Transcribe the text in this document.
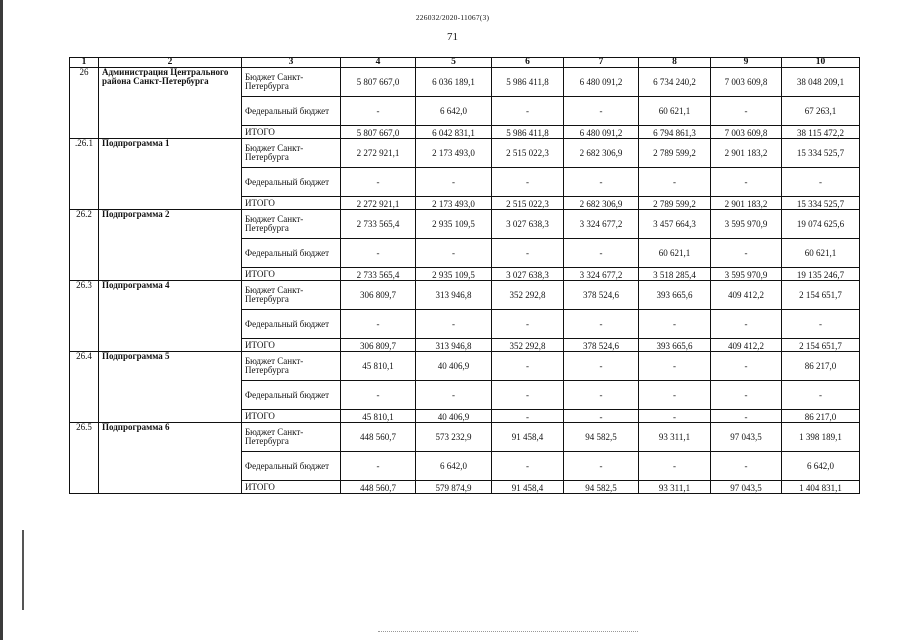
226032/2020-11067(3)
71
1	2	3	4	5	6	7	8	9	10
26	Администрация Центрального района Санкт-Петербурга	Бюджет Санкт-Петербурга	5 807 667,0	6 036 189,1	5 986 411,8	6 480 091,2	6 734 240,2	7 003 609,8	38 048 209,1
		Федеральный бюджет	-	6 642,0	-	-	60 621,1	-	67 263,1
		ИТОГО	5 807 667,0	6 042 831,1	5 986 411,8	6 480 091,2	6 794 861,3	7 003 609,8	38 115 472,2
.26.1	Подпрограмма 1	Бюджет Санкт-Петербурга	2 272 921,1	2 173 493,0	2 515 022,3	2 682 306,9	2 789 599,2	2 901 183,2	15 334 525,7
		Федеральный бюджет	-	-	-	-	-	-	-
		ИТОГО	2 272 921,1	2 173 493,0	2 515 022,3	2 682 306,9	2 789 599,2	2 901 183,2	15 334 525,7
26.2	Подпрограмма 2	Бюджет Санкт-Петербурга	2 733 565,4	2 935 109,5	3 027 638,3	3 324 677,2	3 457 664,3	3 595 970,9	19 074 625,6
		Федеральный бюджет	-	-	-	-	60 621,1	-	60 621,1
		ИТОГО	2 733 565,4	2 935 109,5	3 027 638,3	3 324 677,2	3 518 285,4	3 595 970,9	19 135 246,7
26.3	Подпрограмма 4	Бюджет Санкт-Петербурга	306 809,7	313 946,8	352 292,8	378 524,6	393 665,6	409 412,2	2 154 651,7
		Федеральный бюджет	-	-	-	-	-	-	-
		ИТОГО	306 809,7	313 946,8	352 292,8	378 524,6	393 665,6	409 412,2	2 154 651,7
26.4	Подпрограмма 5	Бюджет Санкт-Петербурга	45 810,1	40 406,9	-	-	-	-	86 217,0
		Федеральный бюджет	-	-	-	-	-	-	-
		ИТОГО	45 810,1	40 406,9	-	-	-	-	86 217,0
26.5	Подпрограмма 6	Бюджет Санкт-Петербурга	448 560,7	573 232,9	91 458,4	94 582,5	93 311,1	97 043,5	1 398 189,1
		Федеральный бюджет	-	6 642,0	-	-	-	-	6 642,0
		ИТОГО	448 560,7	579 874,9	91 458,4	94 582,5	93 311,1	97 043,5	1 404 831,1
